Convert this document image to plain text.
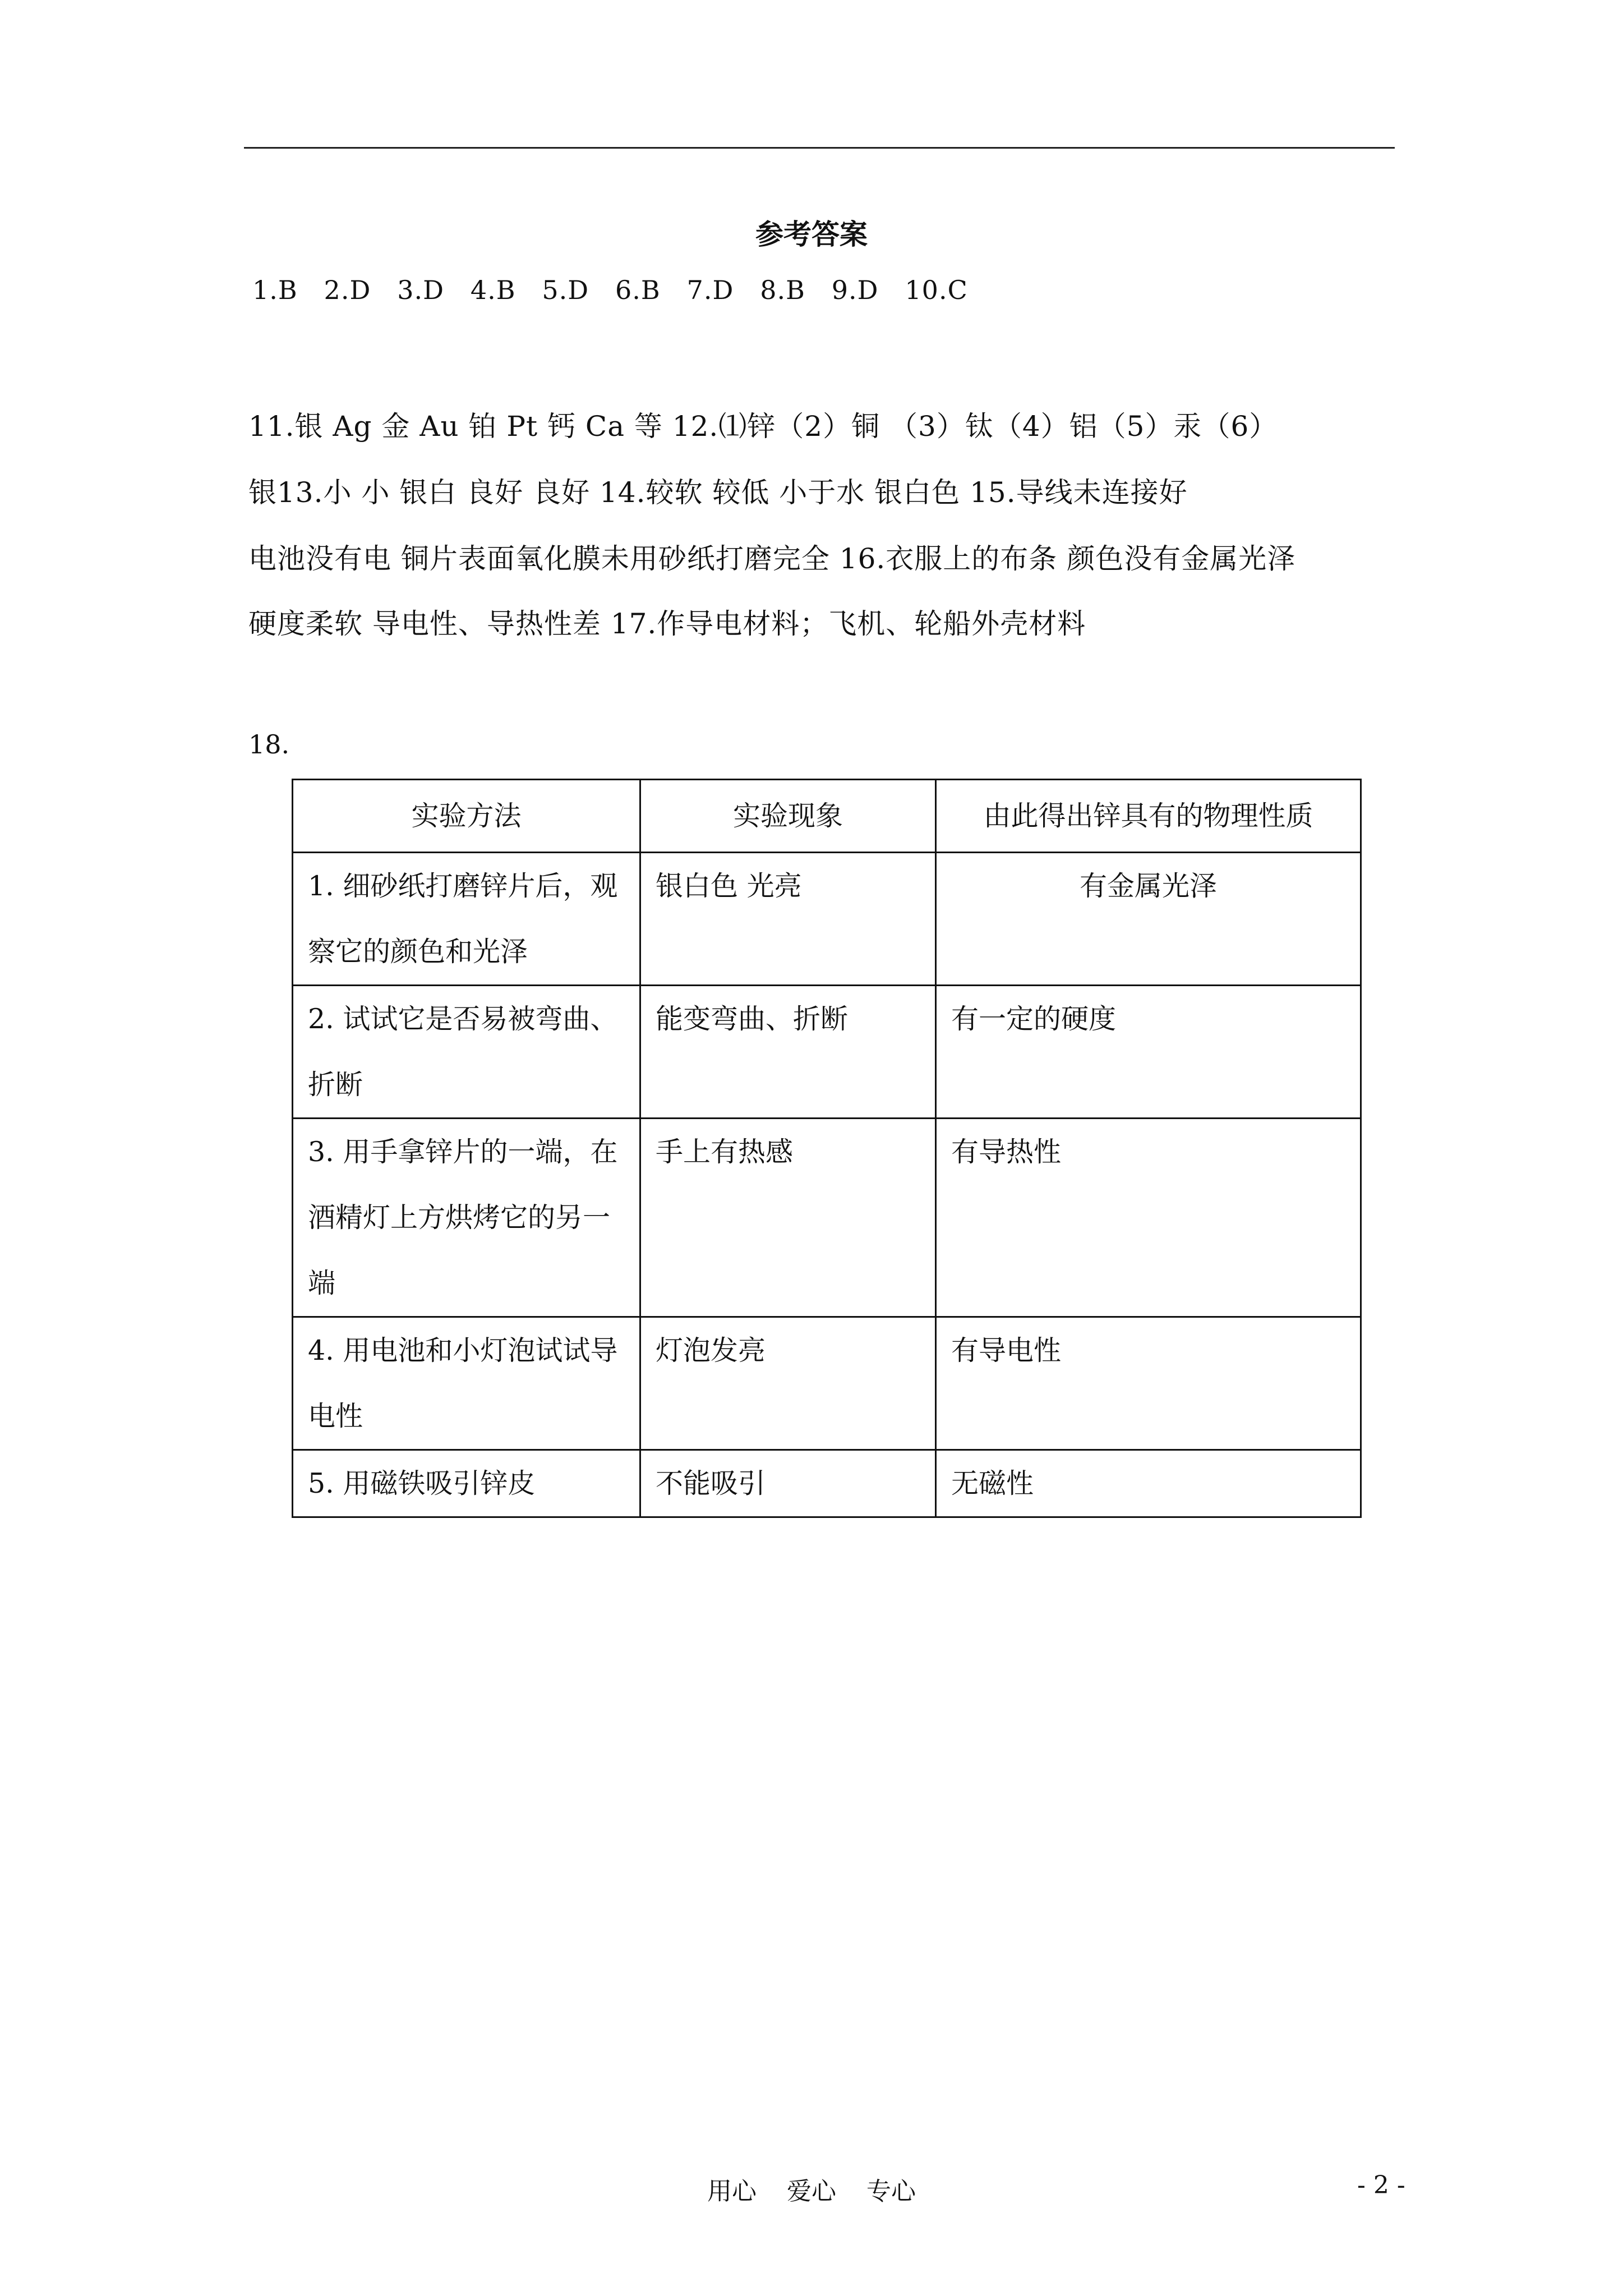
参考答案
1.B   2.D   3.D   4.B   5.D   6.B   7.D   8.B   9.D   10.C
11.银 Ag 金 Au 铂 Pt 钙 Ca 等 12.⑴锌（2）铜 （3）钛（4）铝（5）汞（6）
银13.小 小 银白 良好 良好 14.较软 较低 小于水 银白色 15.导线未连接好
电池没有电 铜片表面氧化膜未用砂纸打磨完全 16.衣服上的布条 颜色没有金属光泽
硬度柔软 导电性、导热性差 17.作导电材料；飞机、轮船外壳材料
18.
实验方法	实验现象	由此得出锌具有的物理性质
1. 细砂纸打磨锌片后，观察它的颜色和光泽	银白色 光亮	有金属光泽
2. 试试它是否易被弯曲、折断	能变弯曲、折断	有一定的硬度
3. 用手拿锌片的一端，在酒精灯上方烘烤它的另一端	手上有热感	有导热性
4. 用电池和小灯泡试试导电性	灯泡发亮	有导电性
5. 用磁铁吸引锌皮	不能吸引	无磁性
用心 爱心 专心	- 2 -
